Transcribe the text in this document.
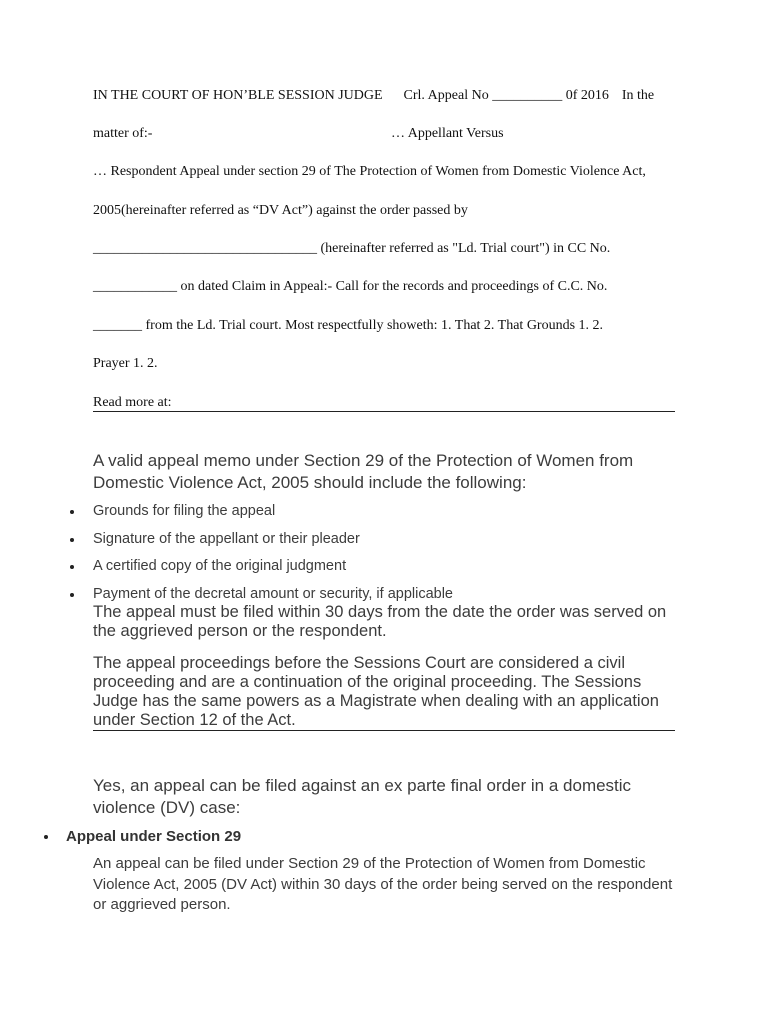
IN THE COURT OF HON’BLE SESSION JUDGE Crl. Appeal No __________ 0f 2016 In the
matter of:-	… Appellant Versus
… Respondent Appeal under section 29 of The Protection of Women from Domestic Violence Act,
2005(hereinafter referred as “DV Act”) against the order passed by
________________________________ (hereinafter referred as "Ld. Trial court") in CC No.
____________ on dated Claim in Appeal:- Call for the records and proceedings of C.C. No.
_______ from the Ld. Trial court. Most respectfully showeth: 1. That 2. That Grounds 1. 2.
Prayer 1. 2.
Read more at:
A valid appeal memo under Section 29 of the Protection of Women from Domestic Violence Act, 2005 should include the following:
Grounds for filing the appeal
Signature of the appellant or their pleader
A certified copy of the original judgment
Payment of the decretal amount or security, if applicable
The appeal must be filed within 30 days from the date the order was served on the aggrieved person or the respondent.
The appeal proceedings before the Sessions Court are considered a civil proceeding and are a continuation of the original proceeding. The Sessions Judge has the same powers as a Magistrate when dealing with an application under Section 12 of the Act.
Yes, an appeal can be filed against an ex parte final order in a domestic violence (DV) case:
Appeal under Section 29
An appeal can be filed under Section 29 of the Protection of Women from Domestic Violence Act, 2005 (DV Act) within 30 days of the order being served on the respondent or aggrieved person.
